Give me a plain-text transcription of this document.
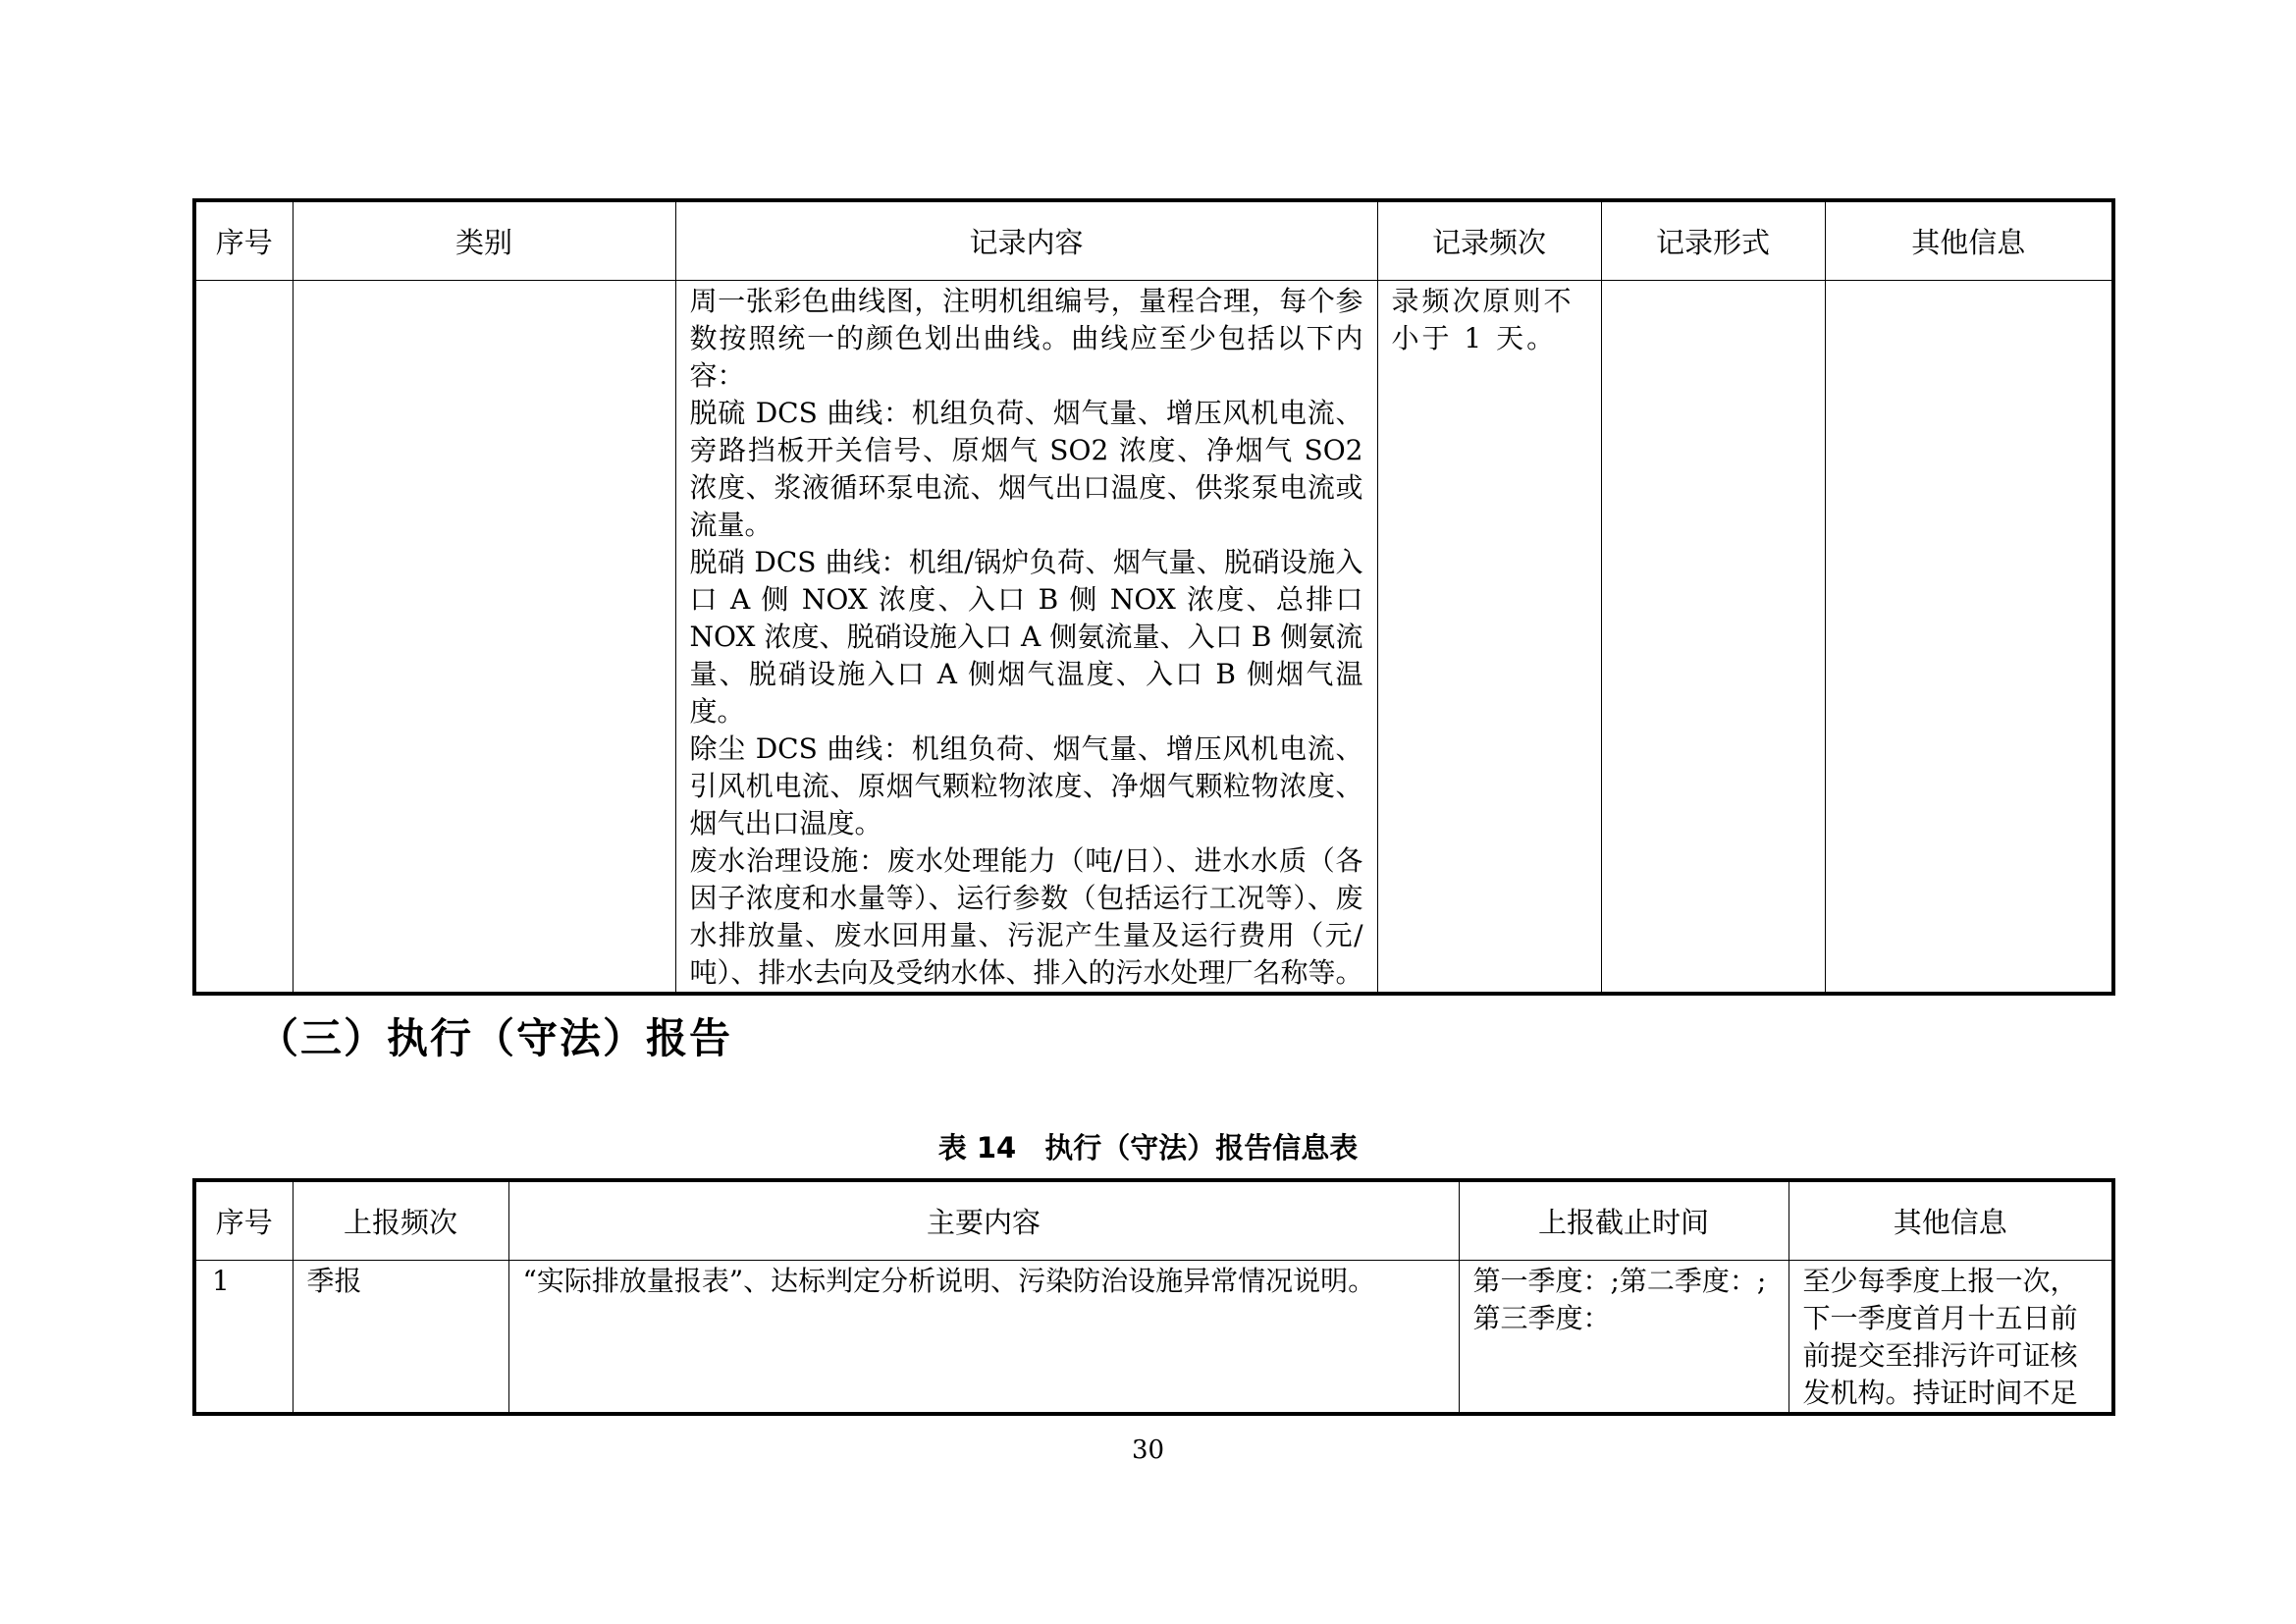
序号	类别	记录内容	记录频次	记录形式	其他信息

		周一张彩色曲线图，注明机组编号，量程合理，每个参数按照统一的颜色划出曲线。曲线应至少包括以下内容：
脱硫 DCS 曲线：机组负荷、烟气量、增压风机电流、旁路挡板开关信号、原烟气 SO2 浓度、净烟气 SO2 浓度、浆液循环泵电流、烟气出口温度、供浆泵电流或流量。
脱硝 DCS 曲线：机组/锅炉负荷、烟气量、脱硝设施入口 A 侧 NOX 浓度、入口 B 侧 NOX 浓度、总排口 NOX 浓度、脱硝设施入口 A 侧氨流量、入口 B 侧氨流量、脱硝设施入口 A 侧烟气温度、入口 B 侧烟气温度。
除尘 DCS 曲线：机组负荷、烟气量、增压风机电流、引风机电流、原烟气颗粒物浓度、净烟气颗粒物浓度、烟气出口温度。
废水治理设施：废水处理能力（吨/日）、进水水质（各因子浓度和水量等）、运行参数（包括运行工况等）、废水排放量、废水回用量、污泥产生量及运行费用（元/吨）、排水去向及受纳水体、排入的污水处理厂名称等。	录频次原则不小于 1 天。		
（三）执行（守法）报告
表 14　执行（守法）报告信息表
序号	上报频次	主要内容	上报截止时间	其他信息
1	季报	“实际排放量报表”、达标判定分析说明、污染防治设施异常情况说明。	第一季度：;第二季度：;第三季度：	至少每季度上报一次，下一季度首月十五日前前提交至排污许可证核发机构。持证时间不足
30
